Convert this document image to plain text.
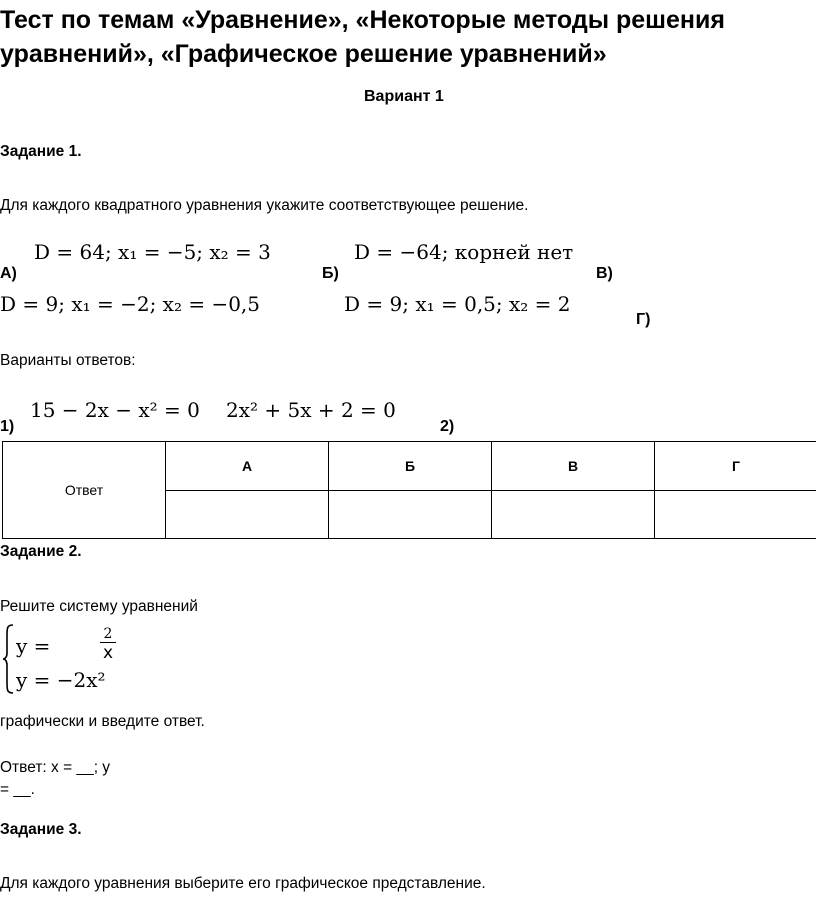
Тест по темам «Уравнение», «Некоторые методы решения
уравнений», «Графическое решение уравнений»
Вариант 1
Задание 1.
Для каждого квадратного уравнения укажите соответствующее решение.
А)
D = 64; x₁ = −5; x₂ = 3
Б)
D = −64; корней нет
В)
D = 9; x₁ = −2; x₂ = −0,5
Г)
D = 9; x₁ = 0,5; x₂ = 2
Варианты ответов:
1)
15 − 2x − x² = 0
2)
2x² + 5x + 2 = 0
Ответ	А	Б	В	Г

Задание 2.
Решите систему уравнений
y =	2
x
y = −2x²
графически и введите ответ.
Ответ: х = __; у
= __.
Задание 3.
Для каждого уравнения выберите его графическое представление.
